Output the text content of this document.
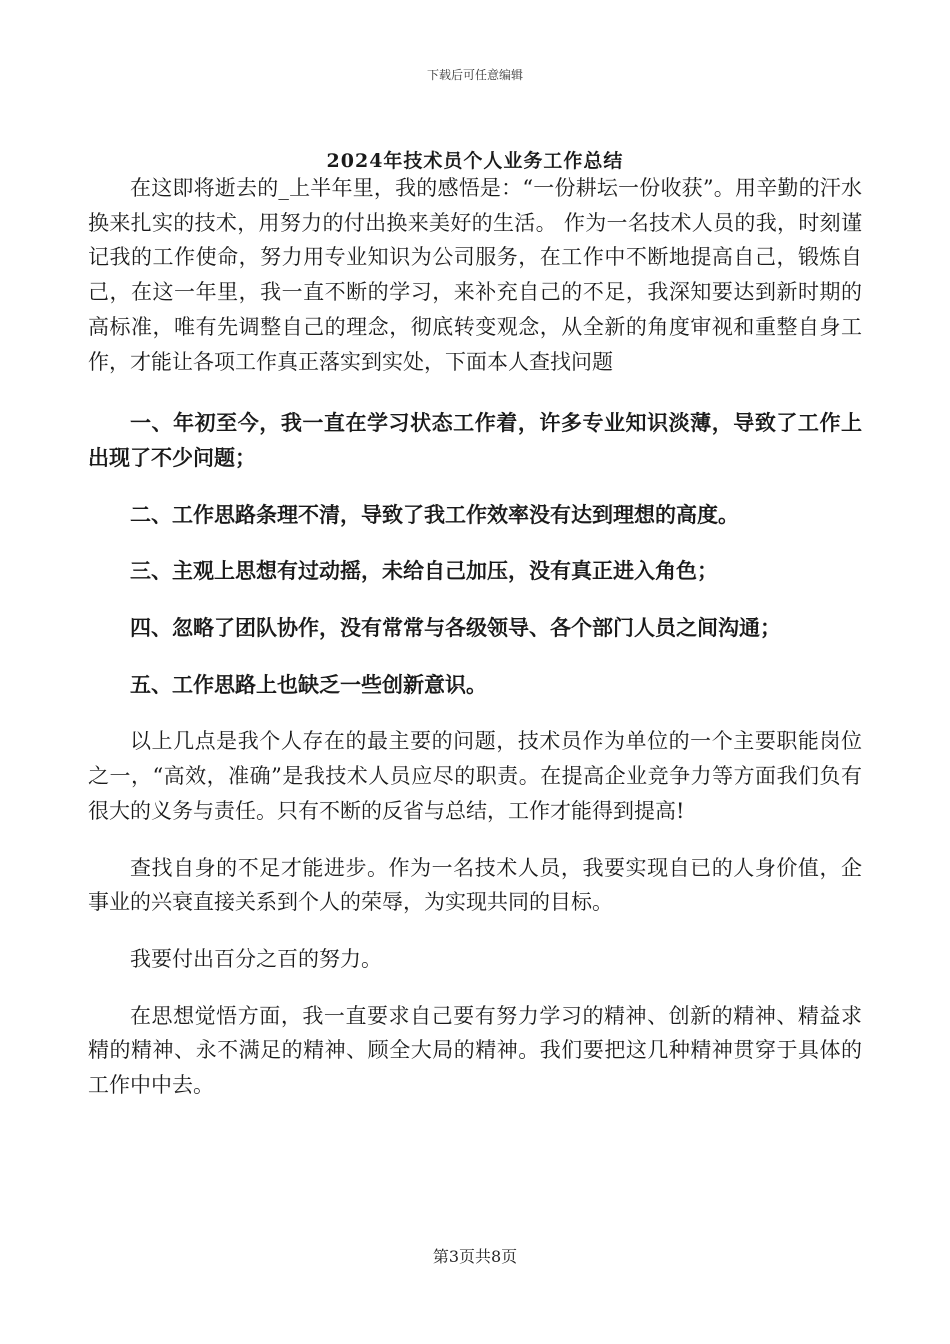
下载后可任意编辑
2024年技术员个人业务工作总结

在这即将逝去的_上半年里，我的感悟是：“一份耕坛一份收获”。用辛勤的汗水换来扎实的技术，用努力的付出换来美好的生活。 作为一名技术人员的我，时刻谨记我的工作使命，努力用专业知识为公司服务，在工作中不断地提高自己，锻炼自己，在这一年里，我一直不断的学习，来补充自己的不足，我深知要达到新时期的高标准，唯有先调整自己的理念，彻底转变观念，从全新的角度审视和重整自身工作，才能让各项工作真正落实到实处，下面本人查找问题

一、年初至今，我一直在学习状态工作着，许多专业知识淡薄，导致了工作上出现了不少问题；

二、工作思路条理不清，导致了我工作效率没有达到理想的高度。

三、主观上思想有过动摇，未给自己加压，没有真正进入角色；

四、忽略了团队协作，没有常常与各级领导、各个部门人员之间沟通；

五、工作思路上也缺乏一些创新意识。

以上几点是我个人存在的最主要的问题，技术员作为单位的一个主要职能岗位之一，“高效，准确”是我技术人员应尽的职责。在提高企业竞争力等方面我们负有很大的义务与责任。只有不断的反省与总结，工作才能得到提高!

查找自身的不足才能进步。作为一名技术人员，我要实现自已的人身价值，企事业的兴衰直接关系到个人的荣辱，为实现共同的目标。

我要付出百分之百的努力。

在思想觉悟方面，我一直要求自己要有努力学习的精神、创新的精神、精益求精的精神、永不满足的精神、顾全大局的精神。我们要把这几种精神贯穿于具体的工作中中去。

第3页共8页
